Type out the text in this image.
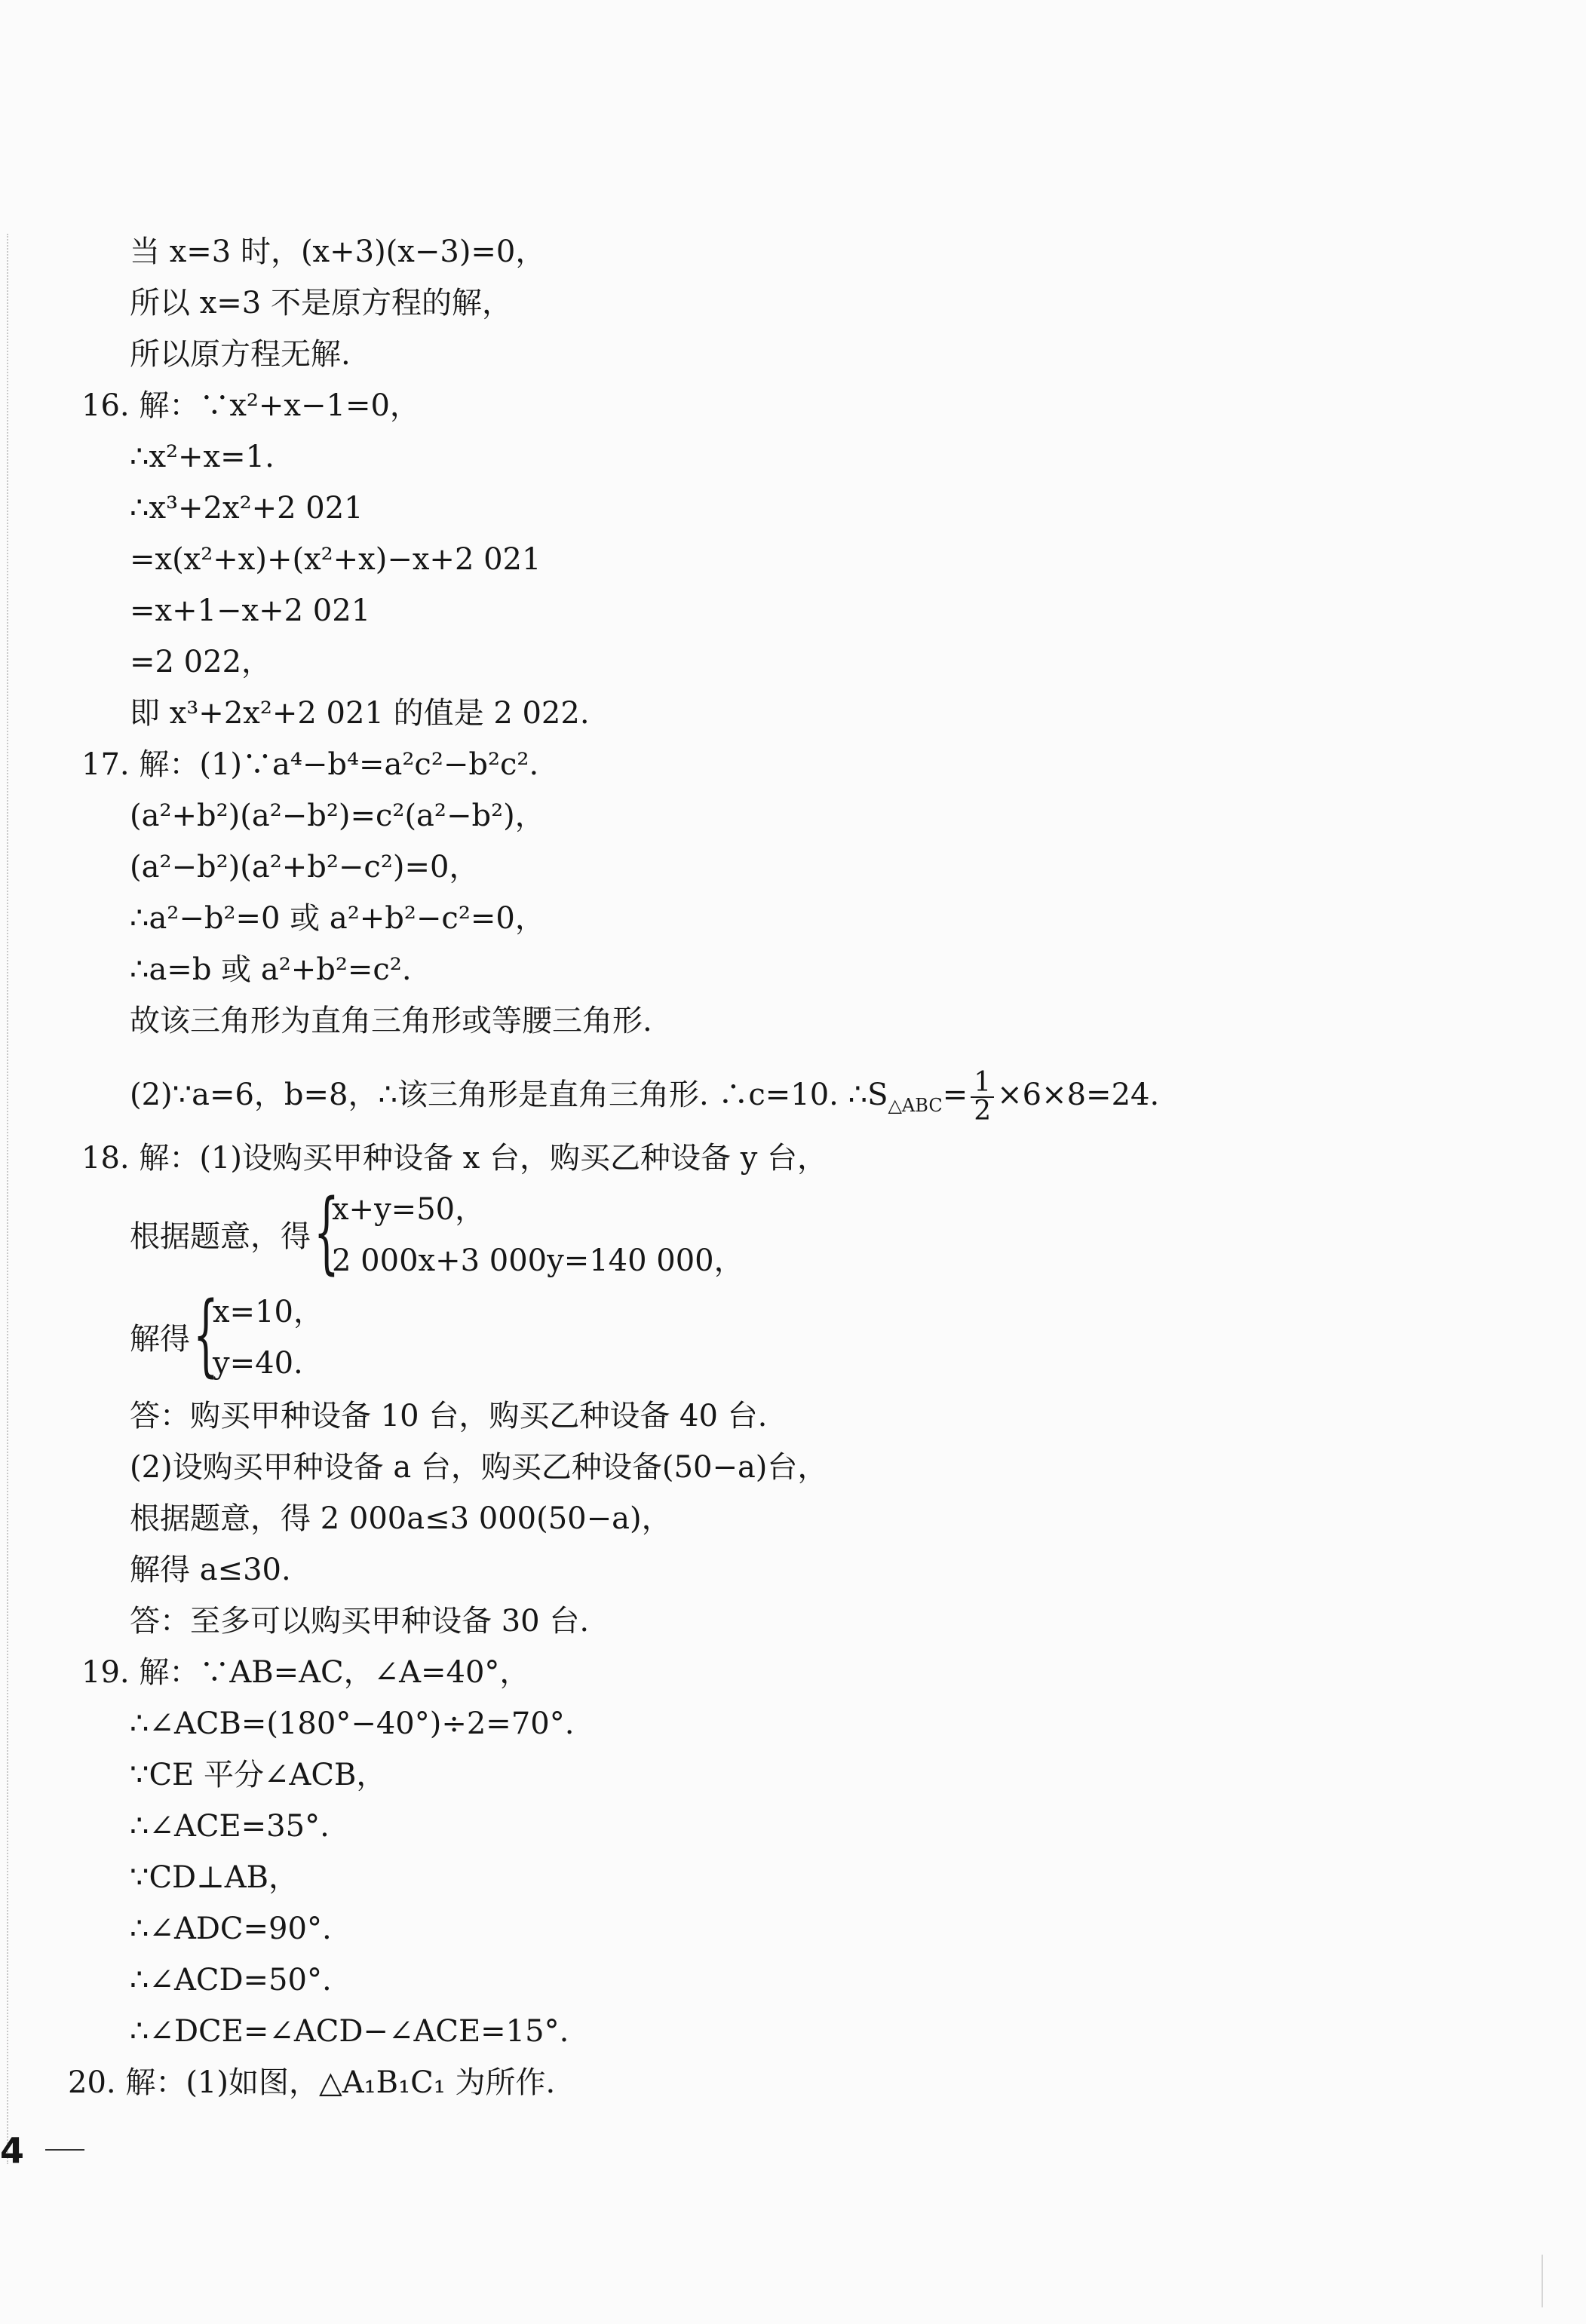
当 x=3 时，(x+3)(x−3)=0，
所以 x=3 不是原方程的解，
所以原方程无解.
16. 解：∵x²+x−1=0，
∴x²+x=1.
∴x³+2x²+2 021
=x(x²+x)+(x²+x)−x+2 021
=x+1−x+2 021
=2 022，
即 x³+2x²+2 021 的值是 2 022.
17. 解：(1)∵a⁴−b⁴=a²c²−b²c².
(a²+b²)(a²−b²)=c²(a²−b²)，
(a²−b²)(a²+b²−c²)=0，
∴a²−b²=0 或 a²+b²−c²=0，
∴a=b 或 a²+b²=c².
故该三角形为直角三角形或等腰三角形.
(2)∵a=6，b=8，∴该三角形是直角三角形. ∴c=10. $\therefore S_{\triangle ABC}= \frac{1}{2} \times 6\times 8=24$.
18. 解：(1)设购买甲种设备 x 台，购买乙种设备 y 台，
根据题意，得 {
x+y=50，
2 000x+3 000y=140 000，
解得 {
x=10，
y=40.
答：购买甲种设备 10 台，购买乙种设备 40 台.
(2)设购买甲种设备 a 台，购买乙种设备(50−a)台，
根据题意，得 2 000a≤3 000(50−a)，
解得 a≤30.
答：至多可以购买甲种设备 30 台.
19. 解：∵AB=AC，∠A=40°，
∴∠ACB=(180°−40°)÷2=70°.
∵CE 平分∠ACB，
∴∠ACE=35°.
∵CD⊥AB，
∴∠ADC=90°.
∴∠ACD=50°.
∴∠DCE=∠ACD−∠ACE=15°.
20. 解：(1)如图，△A₁B₁C₁ 为所作.
4
